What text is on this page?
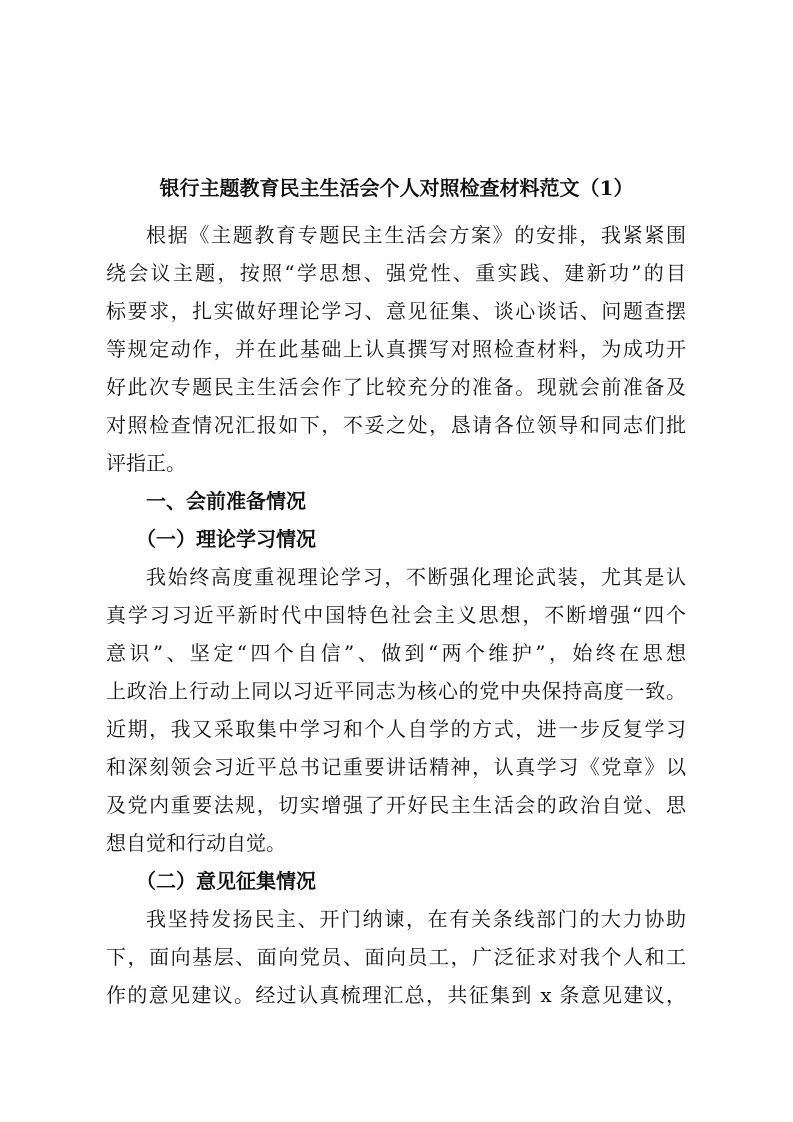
银行主题教育民主生活会个人对照检查材料范文（1）
根据《主题教育专题民主生活会方案》的安排，我紧紧围
绕会议主题，按照“学思想、强党性、重实践、建新功”的目
标要求，扎实做好理论学习、意见征集、谈心谈话、问题查摆
等规定动作，并在此基础上认真撰写对照检查材料，为成功开
好此次专题民主生活会作了比较充分的准备。现就会前准备及
对照检查情况汇报如下，不妥之处，恳请各位领导和同志们批
评指正。
一、会前准备情况
（一）理论学习情况
我始终高度重视理论学习，不断强化理论武装，尤其是认
真学习习近平新时代中国特色社会主义思想，不断增强“四个
意识”、坚定“四个自信”、做到“两个维护”，始终在思想
上政治上行动上同以习近平同志为核心的党中央保持高度一致。
近期，我又采取集中学习和个人自学的方式，进一步反复学习
和深刻领会习近平总书记重要讲话精神，认真学习《党章》以
及党内重要法规，切实增强了开好民主生活会的政治自觉、思
想自觉和行动自觉。
（二）意见征集情况
我坚持发扬民主、开门纳谏，在有关条线部门的大力协助
下，面向基层、面向党员、面向员工，广泛征求对我个人和工
作的意见建议。经过认真梳理汇总，共征集到 x 条意见建议，
